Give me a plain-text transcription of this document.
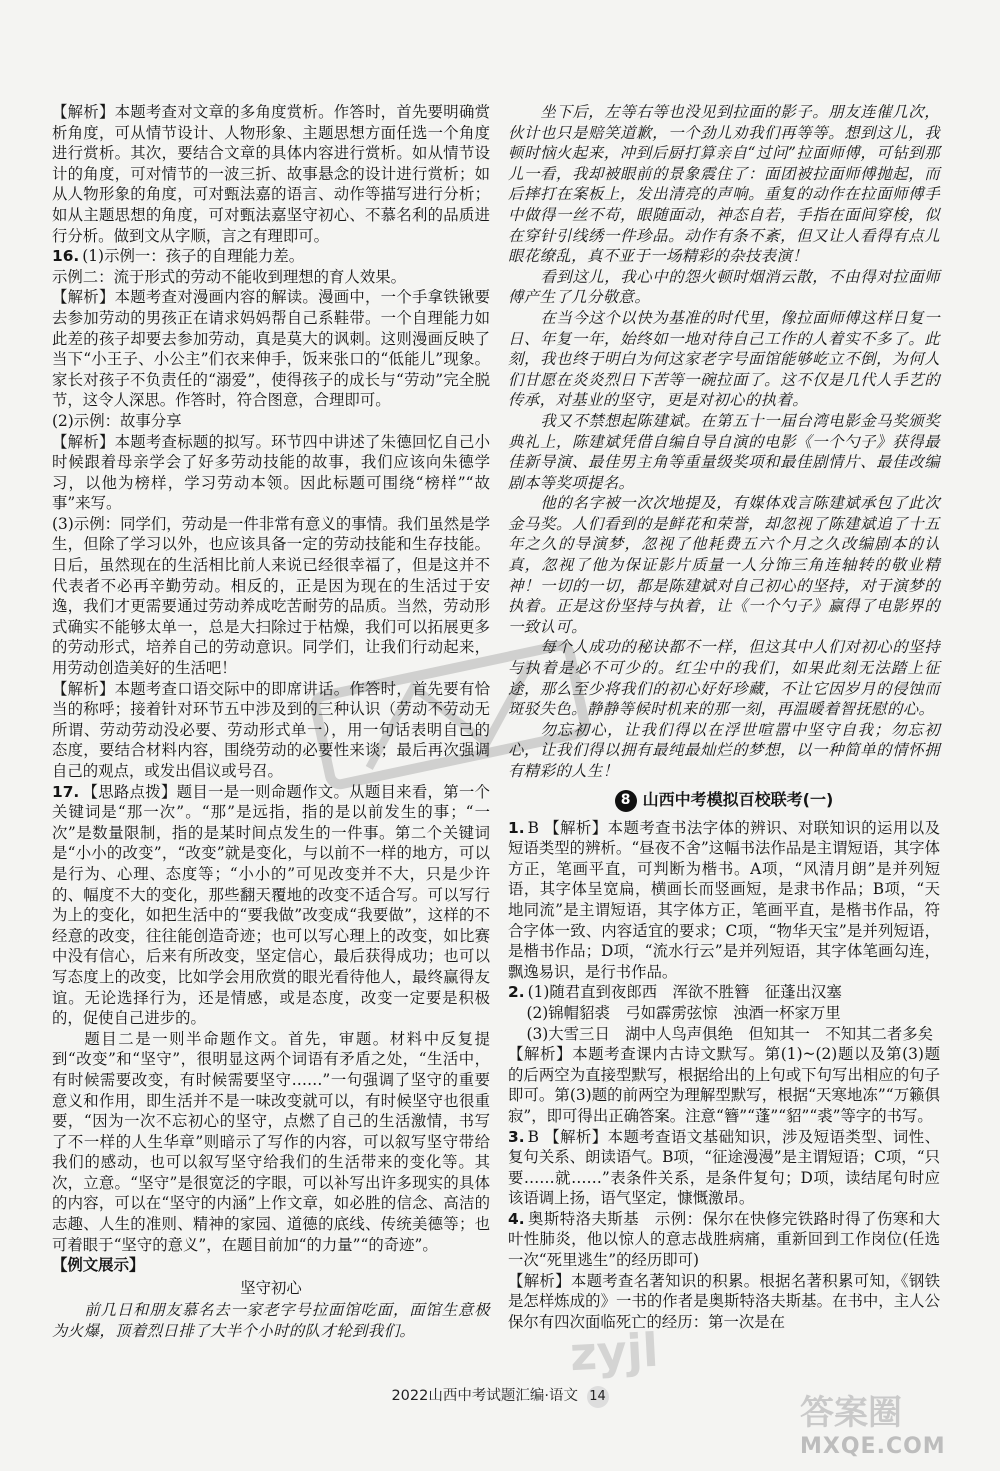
【解析】本题考查对文章的多角度赏析。作答时，首先要明确赏析角度，可从情节设计、人物形象、主题思想方面任选一个角度进行赏析。其次，要结合文章的具体内容进行赏析。如从情节设计的角度，可对情节的一波三折、故事悬念的设计进行赏析；如从人物形象的角度，可对甄法嘉的语言、动作等描写进行分析；如从主题思想的角度，可对甄法嘉坚守初心、不慕名利的品质进行分析。做到文从字顺，言之有理即可。

16. (1)示例一：孩子的自理能力差。

示例二：流于形式的劳动不能收到理想的育人效果。

【解析】本题考查对漫画内容的解读。漫画中，一个手拿铁锹要去参加劳动的男孩正在请求妈妈帮自己系鞋带。一个自理能力如此差的孩子却要去参加劳动，真是莫大的讽刺。这则漫画反映了当下“小王子、小公主”们衣来伸手，饭来张口的“低能儿”现象。家长对孩子不负责任的“溺爱”，使得孩子的成长与“劳动”完全脱节，这令人深思。作答时，符合图意，合理即可。

(2)示例：故事分享

【解析】本题考查标题的拟写。环节四中讲述了朱德回忆自己小时候跟着母亲学会了好多劳动技能的故事，我们应该向朱德学习，以他为榜样，学习劳动本领。因此标题可围绕“榜样”“故事”来写。

(3)示例：同学们，劳动是一件非常有意义的事情。我们虽然是学生，但除了学习以外，也应该具备一定的劳动技能和生存技能。日后，虽然现在的生活相比前人来说已经很幸福了，但是这并不代表者不必再辛勤劳动。相反的，正是因为现在的生活过于安逸，我们才更需要通过劳动养成吃苦耐劳的品质。当然，劳动形式确实不能够太单一，总是大扫除过于枯燥，我们可以拓展更多的劳动形式，培养自己的劳动意识。同学们，让我们行动起来，用劳动创造美好的生活吧！

【解析】本题考查口语交际中的即席讲话。作答时，首先要有恰当的称呼；接着针对环节五中涉及到的三种认识（劳动不劳动无所谓、劳动劳动没必要、劳动形式单一），用一句话表明自己的态度，要结合材料内容，围绕劳动的必要性来谈；最后再次强调自己的观点，或发出倡议或号召。

17. 【思路点拨】题目一是一则命题作文。从题目来看，第一个关键词是“那一次”。“那”是远指，指的是以前发生的事；“一次”是数量限制，指的是某时间点发生的一件事。第二个关键词是“小小的改变”，“改变”就是变化，与以前不一样的地方，可以是行为、心理、态度等；“小小的”可见改变并不大，只是少许的、幅度不大的变化，那些翻天覆地的改变不适合写。可以写行为上的变化，如把生活中的“要我做”改变成“我要做”，这样的不经意的改变，往往能创造奇迹；也可以写心理上的改变，如比赛中没有信心，后来有所改变，坚定信心，最后获得成功；也可以写态度上的改变，比如学会用欣赏的眼光看待他人，最终赢得友谊。无论选择行为，还是情感，或是态度，改变一定要是积极的，促使自己进步的。

题目二是一则半命题作文。首先，审题。材料中反复提到“改变”和“坚守”，很明显这两个词语有矛盾之处，“生活中，有时候需要改变，有时候需要坚守……”一句强调了坚守的重要意义和作用，即生活并不是一味改变就可以，有时候坚守也很重要，“因为一次不忘初心的坚守，点燃了自己的生活激情，书写了不一样的人生华章”则暗示了写作的内容，可以叙写坚守带给我们的感动，也可以叙写坚守给我们的生活带来的变化等。其次，立意。“坚守”是很宽泛的字眼，可以补写出许多现实的具体的内容，可以在“坚守的内涵”上作文章，如必胜的信念、高洁的志趣、人生的准则、精神的家园、道德的底线、传统美德等；也可着眼于“坚守的意义”，在题目前加“的力量”“的奇迹”。

【例文展示】

坚守初心

前几日和朋友慕名去一家老字号拉面馆吃面，面馆生意极为火爆，顶着烈日排了大半个小时的队才轮到我们。

坐下后，左等右等也没见到拉面的影子。朋友连催几次，伙计也只是赔笑道歉，一个劲儿劝我们再等等。想到这儿，我顿时恼火起来，冲到后厨打算亲自“过问”拉面师傅，可钻到那儿一看，我却被眼前的景象震住了：面团被拉面师傅抛起，而后摔打在案板上，发出清亮的声响。重复的动作在拉面师傅手中做得一丝不苟，眼随面动，神态自若，手指在面间穿梭，似在穿针引线绣一件珍品。动作有条不紊，但又让人看得有点儿眼花缭乱，真不亚于一场精彩的杂技表演！

看到这儿，我心中的怨火顿时烟消云散，不由得对拉面师傅产生了几分敬意。

在当今这个以快为基准的时代里，像拉面师傅这样日复一日、年复一年，始终如一地对待自己工作的人着实不多了。此刻，我也终于明白为何这家老字号面馆能够屹立不倒，为何人们甘愿在炎炎烈日下苦等一碗拉面了。这不仅是几代人手艺的传承，对基业的坚守，更是对初心的执着。

我又不禁想起陈建斌。在第五十一届台湾电影金马奖颁奖典礼上，陈建斌凭借自编自导自演的电影《一个勺子》获得最佳新导演、最佳男主角等重量级奖项和最佳剧情片、最佳改编剧本等奖项提名。

他的名字被一次次地提及，有媒体戏言陈建斌承包了此次金马奖。人们看到的是鲜花和荣誉，却忽视了陈建斌追了十五年之久的导演梦，忽视了他耗费五六个月之久改编剧本的认真，忽视了他为保证影片质量一人分饰三角连轴转的敬业精神！一切的一切，都是陈建斌对自己初心的坚持，对于演梦的执着。正是这份坚持与执着，让《一个勺子》赢得了电影界的一致认可。

每个人成功的秘诀都不一样，但这其中人们对初心的坚持与执着是必不可少的。红尘中的我们，如果此刻无法踏上征途，那么至少将我们的初心好好珍藏，不让它因岁月的侵蚀而斑驳失色。静静等候时机来的那一刻，再温暖着智抚慰的心。

勿忘初心，让我们得以在浮世喧嚣中坚守自我；勿忘初心，让我们得以拥有最纯最灿烂的梦想，以一种简单的情怀拥有精彩的人生！

8 山西中考模拟百校联考(一)

1. B 【解析】本题考查书法字体的辨识、对联知识的运用以及短语类型的辨析。“昼夜不舍”这幅书法作品是主谓短语，其字体方正，笔画平直，可判断为楷书。A项，“风清月朗”是并列短语，其字体呈宽扁，横画长而竖画短，是隶书作品；B项，“天地同流”是主谓短语，其字体方正，笔画平直，是楷书作品，符合字体一致、内容适宜的要求；C项，“物华天宝”是并列短语，是楷书作品；D项，“流水行云”是并列短语，其字体笔画勾连，飘逸易识，是行书作品。

2. (1)随君直到夜郎西　浑欲不胜簪　征蓬出汉塞

(2)锦帽貂裘　弓如霹雳弦惊　浊酒一杯家万里

(3)大雪三日　湖中人鸟声俱绝　但知其一　不知其二者多矣

【解析】本题考查课内古诗文默写。第(1)~(2)题以及第(3)题的后两空为直接型默写，根据给出的上句或下句写出相应的句子即可。第(3)题的前两空为理解型默写，根据“天寒地冻”“万籁俱寂”，即可得出正确答案。注意“簪”“蓬”“貂”“裘”等字的书写。

3. B 【解析】本题考查语文基础知识，涉及短语类型、词性、复句关系、朗读语气。B项，“征途漫漫”是主谓短语；C项，“只要……就……”表条件关系，是条件复句；D项，读结尾句时应该语调上扬，语气坚定，慷慨激昂。

4. 奥斯特洛夫斯基　示例：保尔在快修完铁路时得了伤寒和大叶性肺炎，他以惊人的意志战胜病痛，重新回到工作岗位(任选一次“死里逃生”的经历即可)

【解析】本题考查名著知识的积累。根据名著积累可知，《钢铁是怎样炼成的》一书的作者是奥斯特洛夫斯基。在书中，主人公保尔有四次面临死亡的经历：第一次是在

zyjl
2022山西中考试题汇编·语文 14	答案圈
MXQE.COM
